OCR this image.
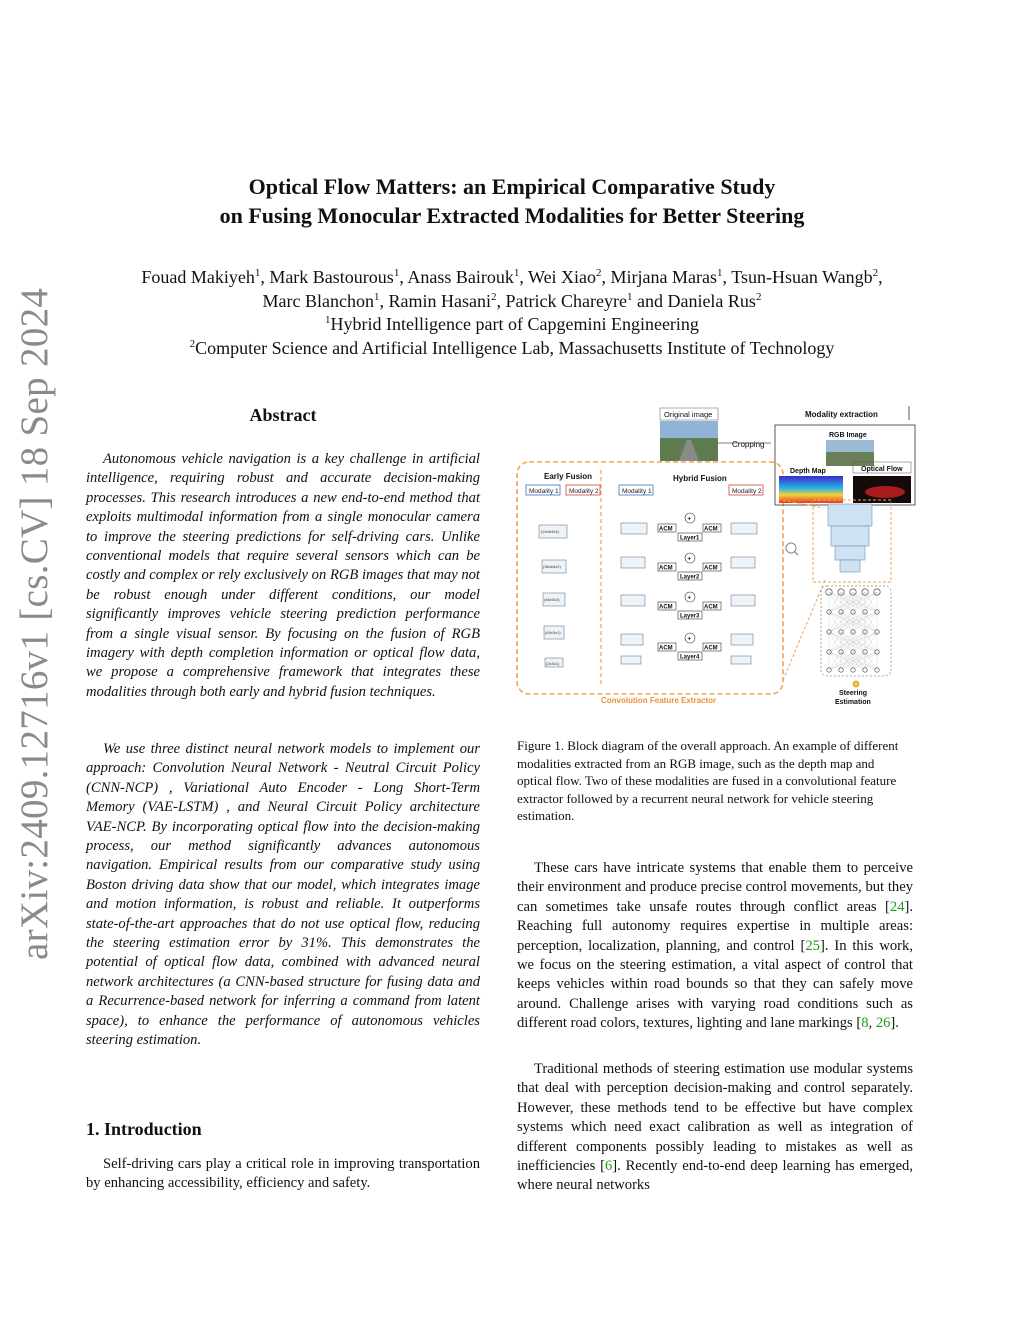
arXiv:2409.12716v1 [cs.CV] 18 Sep 2024
Optical Flow Matters: an Empirical Comparative Study
on Fusing Monocular Extracted Modalities for Better Steering
Fouad Makiyeh$^1$, Mark Bastourous$^1$, Anass Bairouk$^1$, Wei Xiao$^2$, Mirjana Maras$^1$, Tsun-Hsuan Wangb$^2$,
Marc Blanchon$^1$, Ramin Hasani$^2$, Patrick Chareyre$^1$ and Daniela Rus$^2$
$^1$Hybrid Intelligence part of Capgemini Engineering
$^2$Computer Science and Artificial Intelligence Lab, Massachusetts Institute of Technology
Abstract

Autonomous vehicle navigation is a key challenge in artificial intelligence, requiring robust and accurate decision-making processes. This research introduces a new end-to-end method that exploits multimodal information from a single monocular camera to improve the steering predictions for self-driving cars. Unlike conventional models that require several sensors which can be costly and complex or rely exclusively on RGB images that may not be robust enough under different conditions, our model significantly improves vehicle steering prediction performance from a single visual sensor. By focusing on the fusion of RGB imagery with depth completion information or optical flow data, we propose a comprehensive framework that integrates these modalities through both early and hybrid fusion techniques.

We use three distinct neural network models to implement our approach: Convolution Neural Network - Neutral Circuit Policy (CNN-NCP) , Variational Auto Encoder - Long Short-Term Memory (VAE-LSTM) , and Neural Circuit Policy architecture VAE-NCP. By incorporating optical flow into the decision-making process, our method significantly advances autonomous navigation. Empirical results from our comparative study using Boston driving data show that our model, which integrates image and motion information, is robust and reliable. It outperforms state-of-the-art approaches that do not use optical flow, reducing the steering estimation error by 31%. This demonstrates the potential of optical flow data, combined with advanced neural network architectures (a CNN-based structure for fusing data and a Recurrence-based network for inferring a command from latent space), to enhance the performance of autonomous vehicles steering estimation.

1. Introduction

Self-driving cars play a critical role in improving transportation by enhancing accessibility, efficiency and safety.

Original image
Cropping
Modality extraction
RGB Image
Depth Map	Optical Flow
Early Fusion
Modality 1 Modality 2
(24x64x3)
(36x64x2)
(48x3x3)
(64x3x1)
(2x3x1)
Hybrid Fusion
Modality 1	Modality 2
+
ACM	ACM
Layer1
+
ACM	ACM
Layer2
+
ACM	ACM
Layer3
+
ACM	ACM
Layer4
Convolution Feature Extractor
Steering
Estimation

Figure 1. Block diagram of the overall approach. An example of different modalities extracted from an RGB image, such as the depth map and optical flow. Two of these modalities are fused in a convolutional feature extractor followed by a recurrent neural network for vehicle steering estimation.

These cars have intricate systems that enable them to perceive their environment and produce precise control movements, but they can sometimes take unsafe routes through conflict areas [24]. Reaching full autonomy requires expertise in multiple areas: perception, localization, planning, and control [25]. In this work, we focus on the steering estimation, a vital aspect of control that keeps vehicles within road bounds so that they can safely move around. Challenge arises with varying road conditions such as different road colors, textures, lighting and lane markings [8, 26].

Traditional methods of steering estimation use modular systems that deal with perception decision-making and control separately. However, these methods tend to be effective but have complex systems which need exact calibration as well as integration of different components possibly leading to mistakes as well as inefficiencies [6]. Recently end-to-end deep learning has emerged, where neural networks
